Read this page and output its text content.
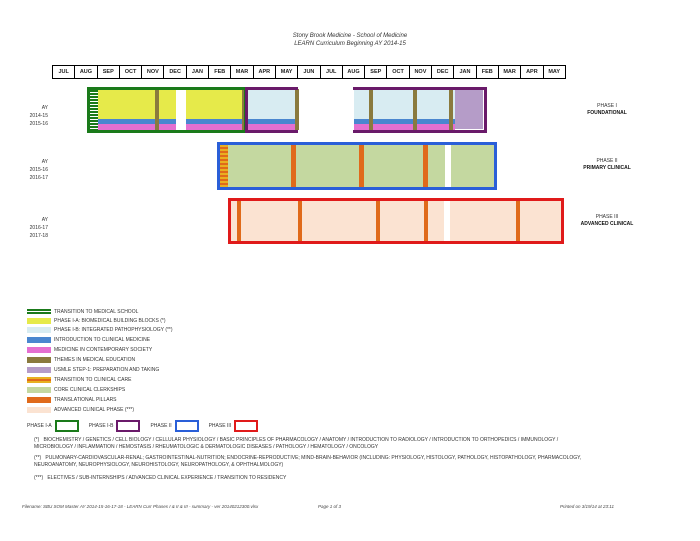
Stony Brook Medicine - School of Medicine
LEARN Curriculum Beginning AY 2014-15
JUL	AUG	SEP	OCT	NOV	DEC	JAN	FEB	MAR	APR	MAY	JUN	JUL	AUG	SEP	OCT	NOV	DEC	JAN	FEB	MAR	APR	MAY
AY
2014-15
2015-16
AY
2015-16
2016-17
AY
2016-17
2017-18
PHASE I
FOUNDATIONAL
PHASE II
PRIMARY CLINICAL
PHASE III
ADVANCED CLINICAL
TRANSITION TO MEDICAL SCHOOL
PHASE I-A: BIOMEDICAL BUILDING BLOCKS (*)
PHASE I-B: INTEGRATED PATHOPHYSIOLOGY (**)
INTRODUCTION TO CLINICAL MEDICINE
MEDICINE IN CONTEMPORARY SOCIETY
THEMES IN MEDICAL EDUCATION
USMLE STEP-1: PREPARATION AND TAKING
TRANSITION TO CLINICAL CARE
CORE CLINICAL CLERKSHIPS
TRANSLATIONAL PILLARS
ADVANCED CLINICAL PHASE (***)
PHASE I-A	PHASE I-B	PHASE II	PHASE III
(*) BIOCHEMISTRY / GENETICS / CELL BIOLOGY / CELLULAR PHYSIOLOGY / BASIC PRINCIPLES OF PHARMACOLOGY / ANATOMY / INTRODUCTION TO RADIOLOGY / INTRODUCTION TO ORTHOPEDICS / IMMUNOLOGY / MICROBIOLOGY / INFLAMMATION / HEMOSTASIS / RHEUMATOLOGIC & DERMATOLOGIC DISEASES / PATHOLOGY / HEMATOLOGY / ONCOLOGY
(**) PULMONARY-CARDIOVASCULAR-RENAL; GASTROINTESTINAL-NUTRITION; ENDOCRINE-REPRODUCTIVE; MIND-BRAIN-BEHAVIOR (INCLUDING: PHYSIOLOGY, HISTOLOGY, PATHOLOGY, HISTOPATHOLOGY, PHARMACOLOGY, NEUROANATOMY, NEUROPHYSIOLOGY, NEUROHISTOLOGY, NEUROPATHOLOGY, & OPHTHALMOLOGY)
(***) ELECTIVES / SUB-INTERNSHIPS / ADVANCED CLINICAL EXPERIENCE / TRANSITION TO RESIDENCY
Filename: SBU SOM Master AY 2014-15-16-17-18 - LEARN Curr Phases I & II & III - summary - ver 20140212300.vlsx	Page 1 of 3	Printed on 3/19/14 at 23:11
